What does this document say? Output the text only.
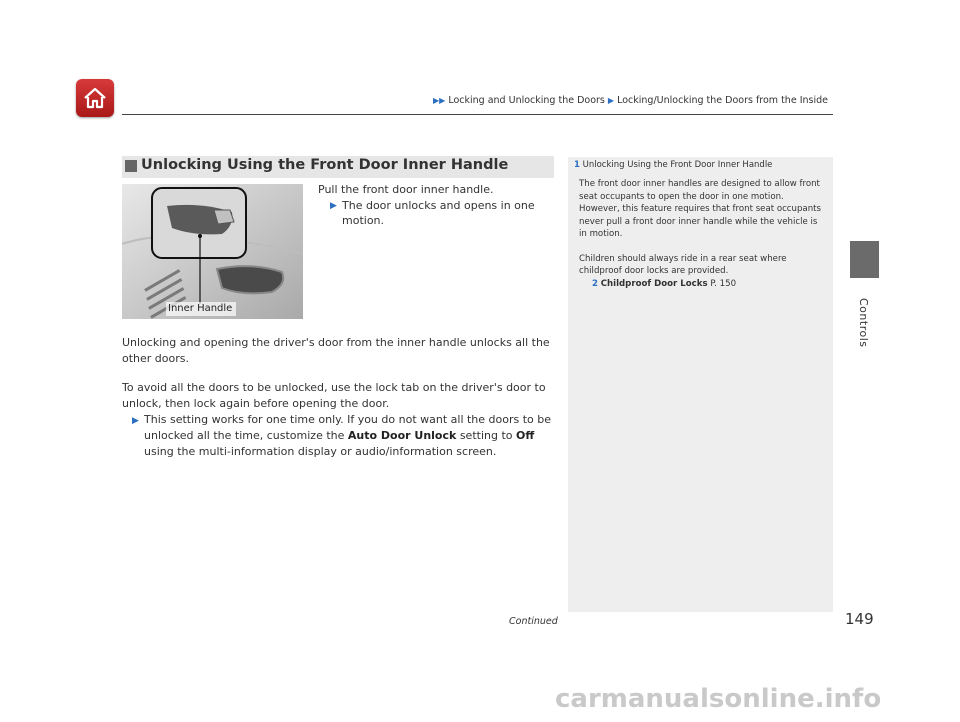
▶▶ Locking and Unlocking the Doors ▶ Locking/Unlocking the Doors from the Inside
Controls
Unlocking Using the Front Door Inner Handle
Inner Handle
Pull the front door inner handle.
▶ The door unlocks and opens in one motion.
Unlocking and opening the driver's door from the inner handle unlocks all the other doors.
To avoid all the doors to be unlocked, use the lock tab on the driver's door to unlock, then lock again before opening the door.
▶ This setting works for one time only. If you do not want all the doors to be unlocked all the time, customize the Auto Door Unlock setting to Off using the multi-information display or audio/information screen.
1 Unlocking Using the Front Door Inner Handle
The front door inner handles are designed to allow front seat occupants to open the door in one motion. However, this feature requires that front seat occupants never pull a front door inner handle while the vehicle is in motion.
Children should always ride in a rear seat where childproof door locks are provided.
2 Childproof Door Locks P. 150
Continued	149
carmanualsonline.info
